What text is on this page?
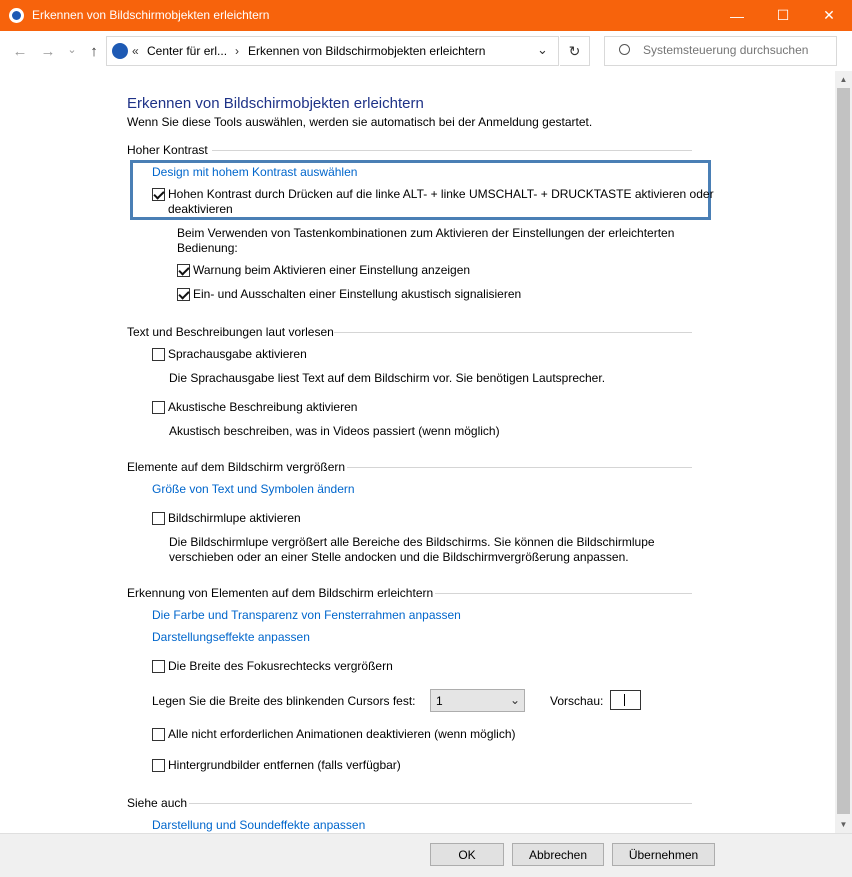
Erkennen von Bildschirmobjekten erleichtern	—	☐	✕
← →	⌄ ↑	« Center für erl... › Erkennen von Bildschirmobjekten erleichtern	⌄	↻
Systemsteuerung durchsuchen
Erkennen von Bildschirmobjekten erleichtern
Wenn Sie diese Tools auswählen, werden sie automatisch bei der Anmeldung gestartet.
Hoher Kontrast
Design mit hohem Kontrast auswählen
Hohen Kontrast durch Drücken auf die linke ALT- + linke UMSCHALT- + DRUCKTASTE aktivieren oder
deaktivieren
Beim Verwenden von Tastenkombinationen zum Aktivieren der Einstellungen der erleichterten
Bedienung:
Warnung beim Aktivieren einer Einstellung anzeigen
Ein- und Ausschalten einer Einstellung akustisch signalisieren
Text und Beschreibungen laut vorlesen
Sprachausgabe aktivieren
Die Sprachausgabe liest Text auf dem Bildschirm vor. Sie benötigen Lautsprecher.
Akustische Beschreibung aktivieren
Akustisch beschreiben, was in Videos passiert (wenn möglich)
Elemente auf dem Bildschirm vergrößern
Größe von Text und Symbolen ändern
Bildschirmlupe aktivieren
Die Bildschirmlupe vergrößert alle Bereiche des Bildschirms. Sie können die Bildschirmlupe
verschieben oder an einer Stelle andocken und die Bildschirmvergrößerung anpassen.
Erkennung von Elementen auf dem Bildschirm erleichtern
Die Farbe und Transparenz von Fensterrahmen anpassen
Darstellungseffekte anpassen
Die Breite des Fokusrechtecks vergrößern
Legen Sie die Breite des blinkenden Cursors fest: 1	⌄	Vorschau:
Alle nicht erforderlichen Animationen deaktivieren (wenn möglich)
Hintergrundbilder entfernen (falls verfügbar)
Siehe auch
Darstellung und Soundeffekte anpassen
▲
▼
OK	Abbrechen	Übernehmen
